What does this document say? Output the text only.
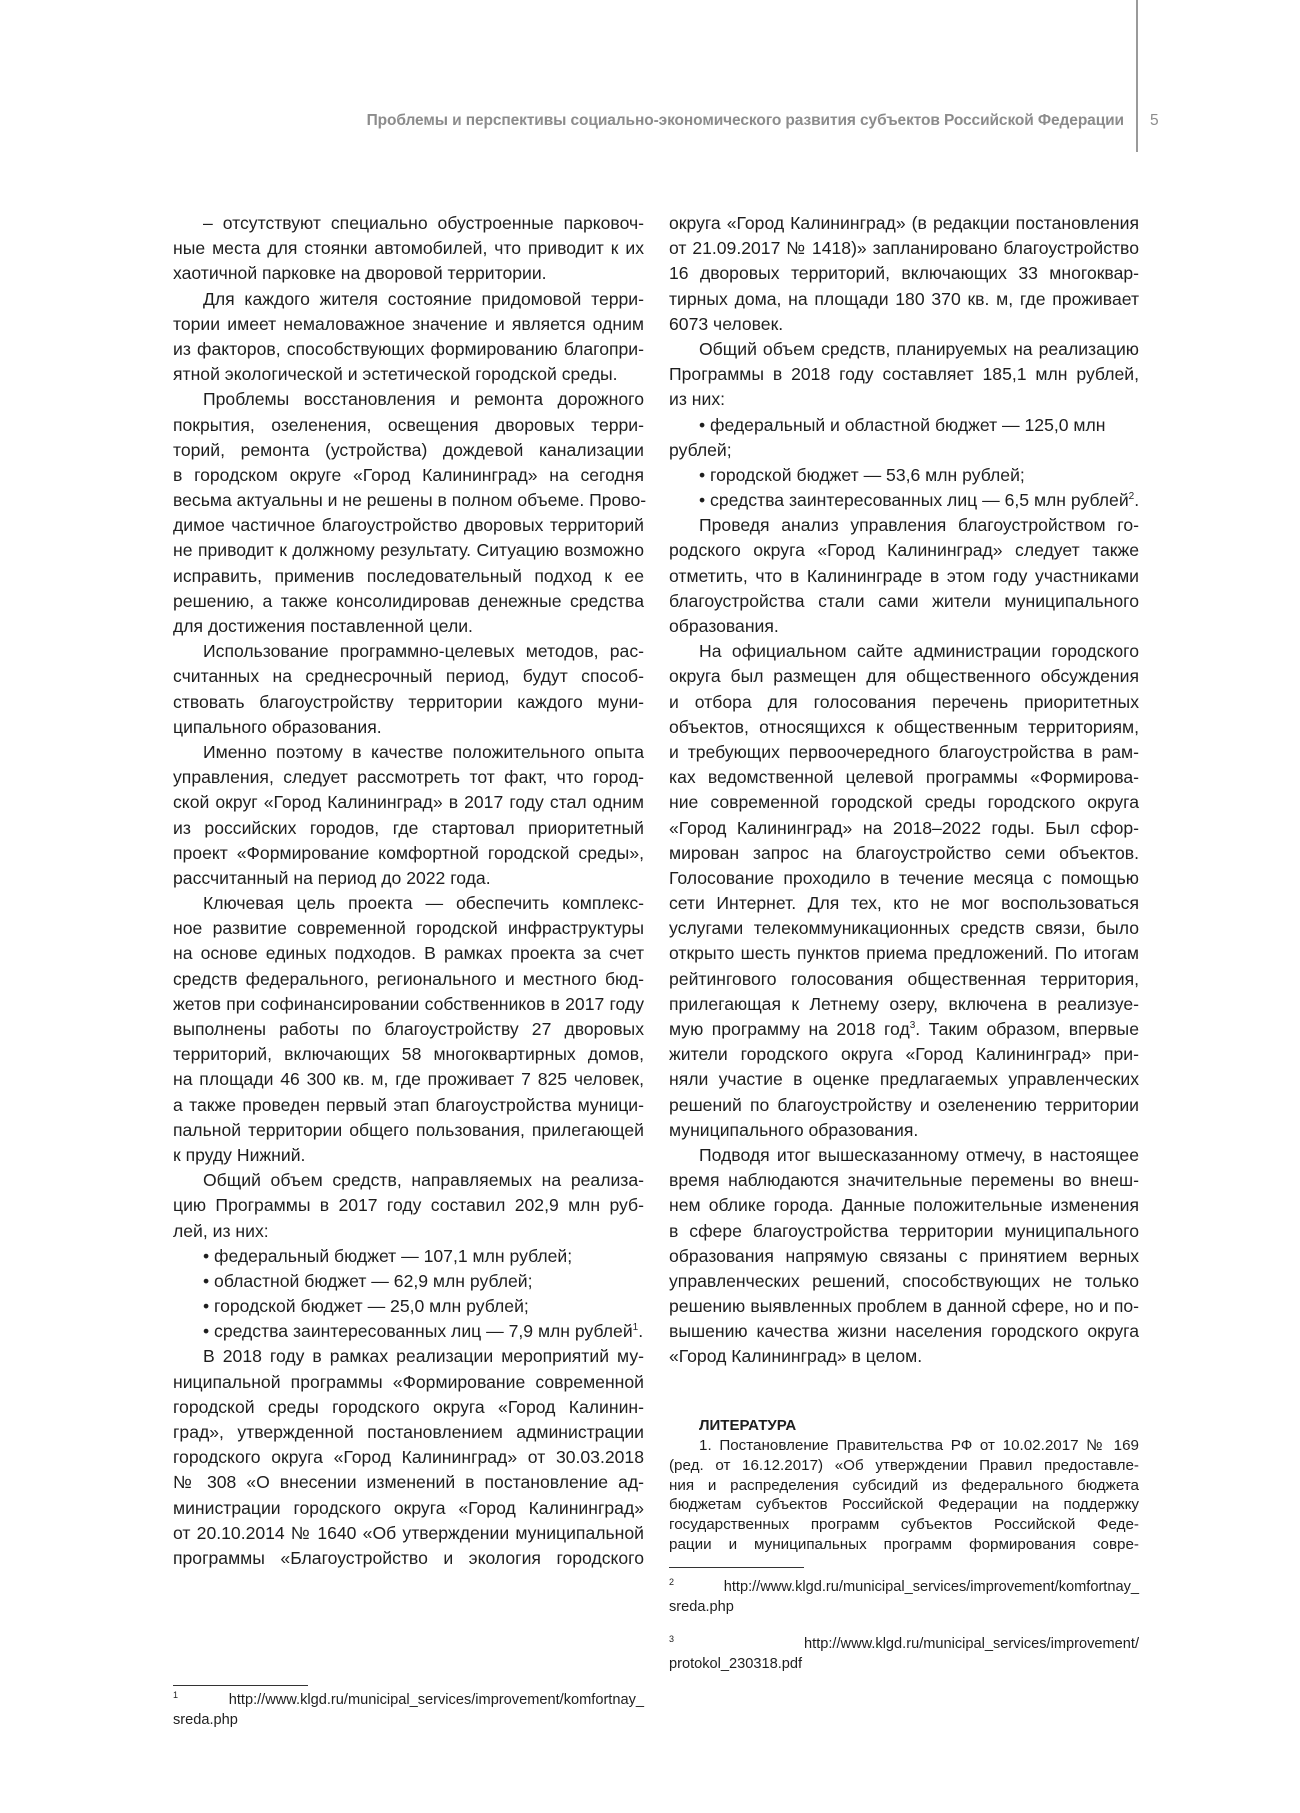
Проблемы и перспективы социально-экономического развития субъектов Российской Федерации 5
– отсутствуют специально обустроенные парковоч-
ные места для стоянки автомобилей, что приводит к их
хаотичной парковке на дворовой территории.
Для каждого жителя состояние придомовой терри-
тории имеет немаловажное значение и является одним
из факторов, способствующих формированию благопри-
ятной экологической и эстетической городской среды.
Проблемы восстановления и ремонта дорожного
покрытия, озеленения, освещения дворовых терри-
торий, ремонта (устройства) дождевой канализации
в городском округе «Город Калининград» на сегодня
весьма актуальны и не решены в полном объеме. Прово-
димое частичное благоустройство дворовых территорий
не приводит к должному результату. Ситуацию возможно
исправить, применив последовательный подход к ее
решению, а также консолидировав денежные средства
для достижения поставленной цели.
Использование программно-целевых методов, рас-
считанных на среднесрочный период, будут способ-
ствовать благоустройству территории каждого муни-
ципального образования.
Именно поэтому в качестве положительного опыта
управления, следует рассмотреть тот факт, что город-
ской округ «Город Калининград» в 2017 году стал одним
из российских городов, где стартовал приоритетный
проект «Формирование комфортной городской среды»,
рассчитанный на период до 2022 года.
Ключевая цель проекта — обеспечить комплекс-
ное развитие современной городской инфраструктуры
на основе единых подходов. В рамках проекта за счет
средств федерального, регионального и местного бюд-
жетов при софинансировании собственников в 2017 году
выполнены работы по благоустройству 27 дворовых
территорий, включающих 58 многоквартирных домов,
на площади 46 300 кв. м, где проживает 7 825 человек,
а также проведен первый этап благоустройства муници-
пальной территории общего пользования, прилегающей
к пруду Нижний.
Общий объем средств, направляемых на реализа-
цию Программы в 2017 году составил 202,9 млн руб-
лей, из них:
• федеральный бюджет — 107,1 млн рублей;
• областной бюджет — 62,9 млн рублей;
• городской бюджет — 25,0 млн рублей;
• средства заинтересованных лиц — 7,9 млн рублей$^1$.
В 2018 году в рамках реализации мероприятий му-
ниципальной программы «Формирование современной
городской среды городского округа «Город Калинин-
град», утвержденной постановлением администрации
городского округа «Город Калининград» от 30.03.2018
№ 308 «О внесении изменений в постановление ад-
министрации городского округа «Город Калининград»
от 20.10.2014 № 1640 «Об утверждении муниципальной
программы «Благоустройство и экология городского
округа «Город Калининград» (в редакции постановления
от 21.09.2017 № 1418)» запланировано благоустройство
16 дворовых территорий, включающих 33 многоквар-
тирных дома, на площади 180 370 кв. м, где проживает
6073 человек.
Общий объем средств, планируемых на реализацию
Программы в 2018 году составляет 185,1 млн рублей,
из них:
• федеральный и областной бюджет — 125,0 млн
рублей;
• городской бюджет — 53,6 млн рублей;
• средства заинтересованных лиц — 6,5 млн рублей$^2$.
Проведя анализ управления благоустройством го-
родского округа «Город Калининград» следует также
отметить, что в Калининграде в этом году участниками
благоустройства стали сами жители муниципального
образования.
На официальном сайте администрации городского
округа был размещен для общественного обсуждения
и отбора для голосования перечень приоритетных
объектов, относящихся к общественным территориям,
и требующих первоочередного благоустройства в рам-
ках ведомственной целевой программы «Формирова-
ние современной городской среды городского округа
«Город Калининград» на 2018–2022 годы. Был сфор-
мирован запрос на благоустройство семи объектов.
Голосование проходило в течение месяца с помощью
сети Интернет. Для тех, кто не мог воспользоваться
услугами телекоммуникационных средств связи, было
открыто шесть пунктов приема предложений. По итогам
рейтингового голосования общественная территория,
прилегающая к Летнему озеру, включена в реализуе-
мую программу на 2018 год$^3$. Таким образом, впервые
жители городского округа «Город Калининград» при-
няли участие в оценке предлагаемых управленческих
решений по благоустройству и озеленению территории
муниципального образования.
Подводя итог вышесказанному отмечу, в настоящее
время наблюдаются значительные перемены во внеш-
нем облике города. Данные положительные изменения
в сфере благоустройства территории муниципального
образования напрямую связаны с принятием верных
управленческих решений, способствующих не только
решению выявленных проблем в данной сфере, но и по-
вышению качества жизни населения городского округа
«Город Калининград» в целом.
ЛИТЕРАТУРА
1. Постановление Правительства РФ от 10.02.2017 № 169
(ред. от 16.12.2017) «Об утверждении Правил предоставле-
ния и распределения субсидий из федерального бюджета
бюджетам субъектов Российской Федерации на поддержку
государственных программ субъектов Российской Феде-
рации и муниципальных программ формирования совре-
$^1$ http://www.klgd.ru/municipal_services/improvement/komfortnay_
sreda.php
$^2$ http://www.klgd.ru/municipal_services/improvement/komfortnay_
sreda.php
$^3$ http://www.klgd.ru/municipal_services/improvement/
protokol_230318.pdf
